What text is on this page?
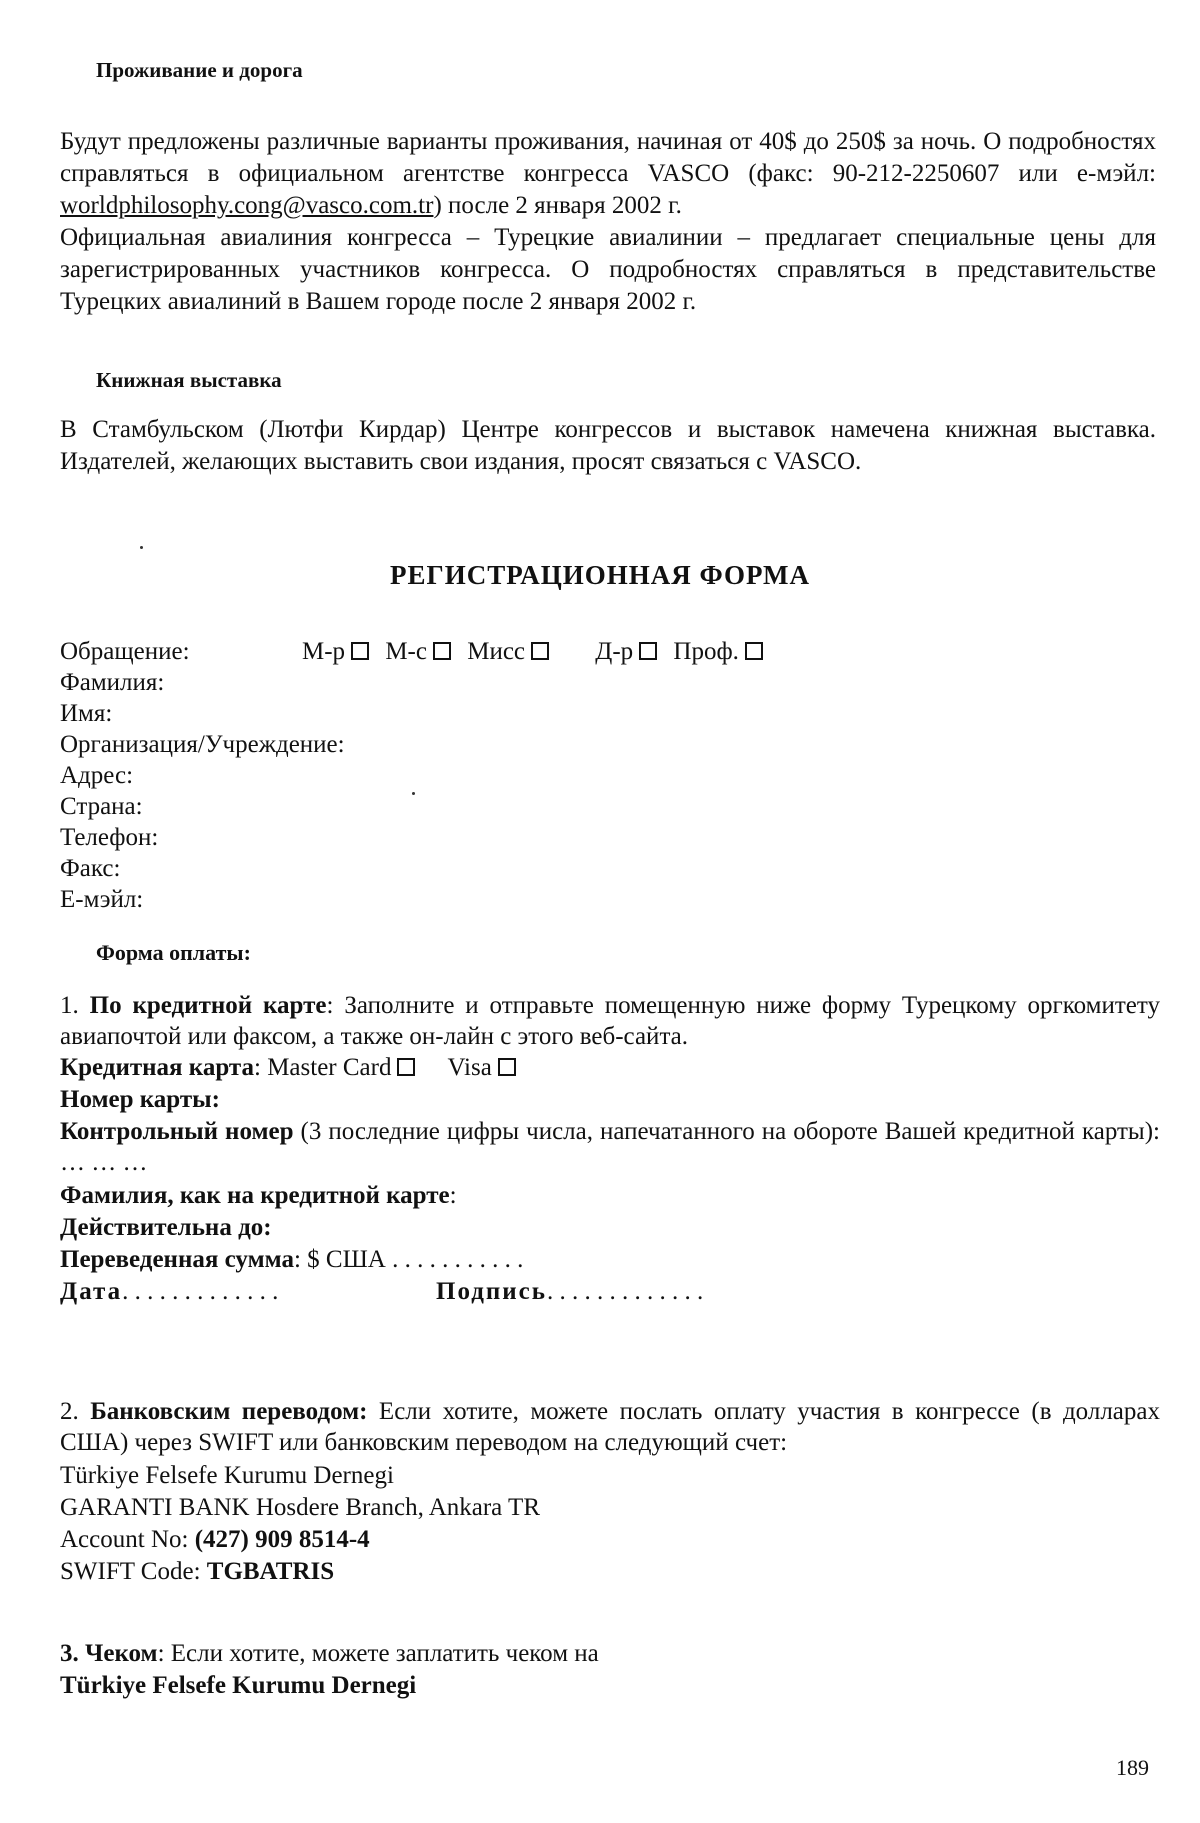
Проживание и дорога
Будут предложены различные варианты проживания, начиная от 40$ до 250$ за ночь. О подробностях справляться в официальном агентстве конгресса VASCO (факс: 90-212-2250607 или е-мэйл: worldphilosophy.cong@vasco.com.tr) после 2 января 2002 г.
Официальная авиалиния конгресса – Турецкие авиалинии – предлагает специальные цены для зарегистрированных участников конгресса. О подробностях справляться в представительстве Турецких авиалиний в Вашем городе после 2 января 2002 г.
Книжная выставка
В Стамбульском (Лютфи Кирдар) Центре конгрессов и выставок намечена книжная выставка. Издателей, желающих выставить свои издания, просят связаться с VASCO.
РЕГИСТРАЦИОННАЯ ФОРМА
Обращение:	М-р М-с Мисс	Д-р Проф.
Фамилия:
Имя:
Организация/Учреждение:
Адрес:
Страна:
Телефон:
Факс:
Е-мэйл:
Форма оплаты:
1. По кредитной карте: Заполните и отправьте помещенную ниже форму Турецкому оргкомитету авиапочтой или факсом, а также он-лайн с этого веб-сайта.
Кредитная карта: Master Card Visa
Номер карты:
Контрольный номер (3 последние цифры числа, напечатанного на обороте Вашей кредитной карты): … … …
Фамилия, как на кредитной карте:
Действительна до:
Переведенная сумма: $ США . . . . . . . . . . .
Дата. . . . . . . . . . . . .	Подпись. . . . . . . . . . . . .
2. Банковским переводом: Если хотите, можете послать оплату участия в конгрессе (в долларах США) через SWIFT или банковским переводом на следующий счет:
Türkiye Felsefe Kurumu Dernegi
GARANTI BANK Hosdere Branch, Ankara TR
Account No: (427) 909 8514-4
SWIFT Code: TGBATRIS
3. Чеком: Если хотите, можете заплатить чеком на
Türkiye Felsefe Kurumu Dernegi
189
